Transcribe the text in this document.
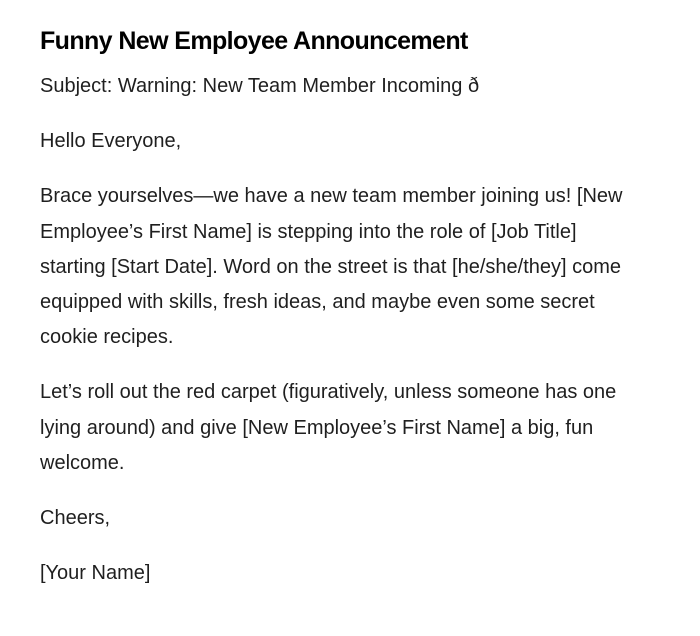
Funny New Employee Announcement

Subject: Warning: New Team Member Incoming ð

Hello Everyone,

Brace yourselves—we have a new team member joining us! [New Employee’s First Name] is stepping into the role of [Job Title] starting [Start Date]. Word on the street is that [he/she/they] come equipped with skills, fresh ideas, and maybe even some secret cookie recipes.

Let’s roll out the red carpet (figuratively, unless someone has one lying around) and give [New Employee’s First Name] a big, fun welcome.

Cheers,

[Your Name]
